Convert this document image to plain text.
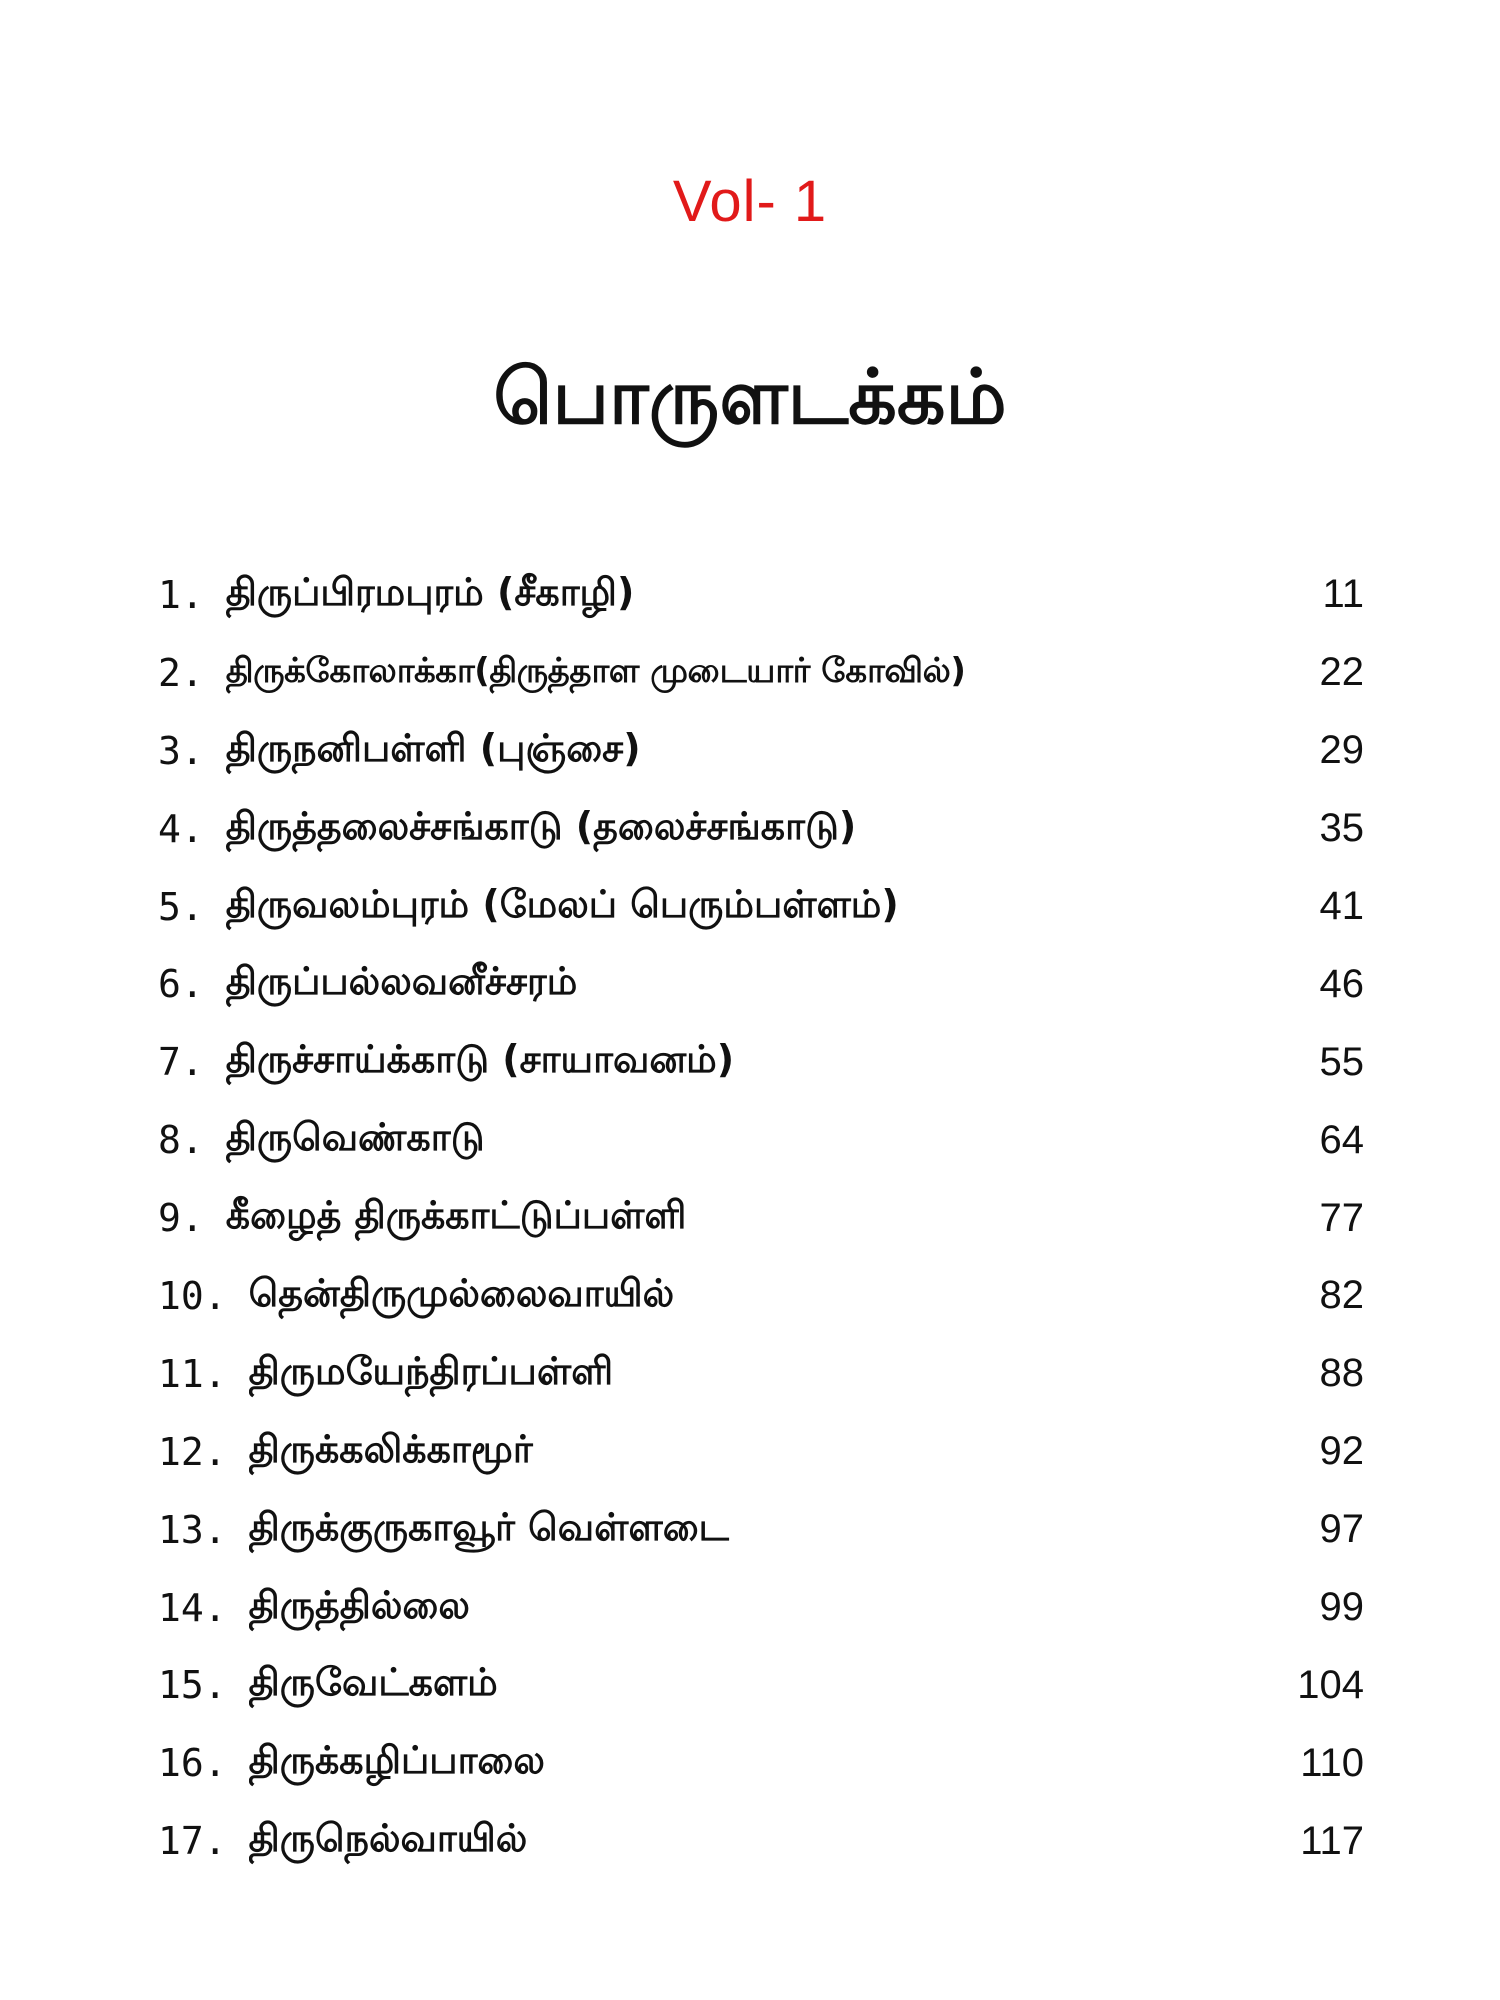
Vol- 1
பொருளடக்கம்
1. திருப்பிரமபுரம் (சீகாழி)	11
2. திருக்கோலாக்கா(திருத்தாள முடையார் கோவில்)	22
3. திருநனிபள்ளி (புஞ்சை)	29
4. திருத்தலைச்சங்காடு (தலைச்சங்காடு)	35
5. திருவலம்புரம் (மேலப் பெரும்பள்ளம்)	41
6. திருப்பல்லவனீச்சரம்	46
7. திருச்சாய்க்காடு (சாயாவனம்)	55
8. திருவெண்காடு	64
9. கீழைத் திருக்காட்டுப்பள்ளி	77
10. தென்திருமுல்லைவாயில்	82
11. திருமயேந்திரப்பள்ளி	88
12. திருக்கலிக்காமூர்	92
13. திருக்குருகாவூர் வெள்ளடை	97
14. திருத்தில்லை	99
15. திருவேட்களம்	104
16. திருக்கழிப்பாலை	110
17. திருநெல்வாயில்	117
